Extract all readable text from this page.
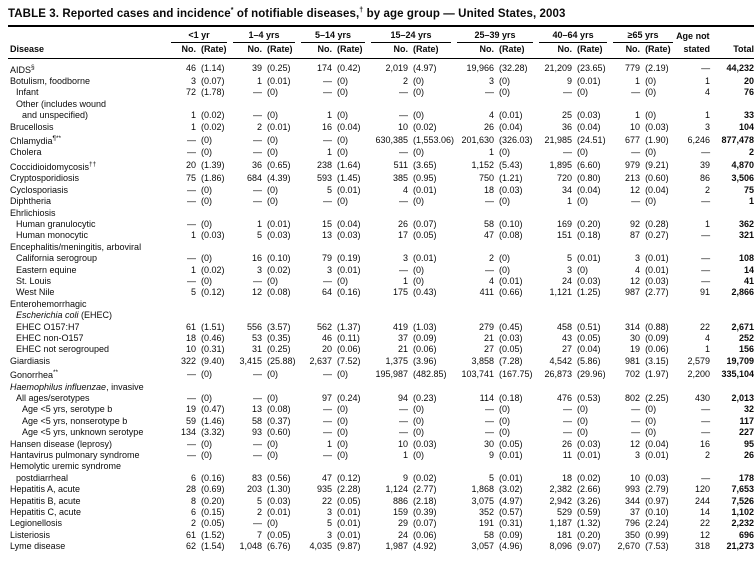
TABLE 3. Reported cases and incidence* of notifiable diseases,† by age group — United States, 2003

	<1 yr		1–4 yrs		5–14 yrs		15–24 yrs		25–39 yrs		40–64 yrs		≥65 yrs		Age not	
Disease	No.	(Rate)	No.	(Rate)	No.	(Rate)	No.	(Rate)	No.	(Rate)	No.	(Rate)	No.	(Rate)	stated	Total
AIDS§	46	(1.14)	39	(0.25)	174	(0.42)	2,019	(4.97)	19,966	(32.28)	21,209	(23.65)	779	(2.19)	—	44,232
Botulism, foodborne	3	(0.07)	1	(0.01)	—	(0)	2	(0)	3	(0)	9	(0.01)	1	(0)	1	20
Infant	72	(1.78)	—	(0)	—	(0)	—	(0)	—	(0)	—	(0)	—	(0)	4	76
Other (includes wound																
and unspecified)	1	(0.02)	—	(0)	1	(0)	—	(0)	4	(0.01)	25	(0.03)	1	(0)	1	33
Brucellosis	1	(0.02)	2	(0.01)	16	(0.04)	10	(0.02)	26	(0.04)	36	(0.04)	10	(0.03)	3	104
Chlamydia¶**	—	(0)	—	(0)	—	(0)	630,385	(1,553.06)	201,630	(326.03)	21,985	(24.51)	677	(1.90)	6,246	877,478
Cholera	—	(0)	—	(0)	1	(0)	—	(0)	1	(0)	—	(0)	—	(0)	—	2
Coccidioidomycosis††	20	(1.39)	36	(0.65)	238	(1.64)	511	(3.65)	1,152	(5.43)	1,895	(6.60)	979	(9.21)	39	4,870
Cryptosporidiosis	75	(1.86)	684	(4.39)	593	(1.45)	385	(0.95)	750	(1.21)	720	(0.80)	213	(0.60)	86	3,506
Cyclosporiasis	—	(0)	—	(0)	5	(0.01)	4	(0.01)	18	(0.03)	34	(0.04)	12	(0.04)	2	75
Diphtheria	—	(0)	—	(0)	—	(0)	—	(0)	—	(0)	1	(0)	—	(0)	—	1
Ehrlichiosis																
Human granulocytic	—	(0)	1	(0.01)	15	(0.04)	26	(0.07)	58	(0.10)	169	(0.20)	92	(0.28)	1	362
Human monocytic	1	(0.03)	5	(0.03)	13	(0.03)	17	(0.05)	47	(0.08)	151	(0.18)	87	(0.27)	—	321
Encephalitis/meningitis, arboviral																
California serogroup	—	(0)	16	(0.10)	79	(0.19)	3	(0.01)	2	(0)	5	(0.01)	3	(0.01)	—	108
Eastern equine	1	(0.02)	3	(0.02)	3	(0.01)	—	(0)	—	(0)	3	(0)	4	(0.01)	—	14
St. Louis	—	(0)	—	(0)	—	(0)	1	(0)	4	(0.01)	24	(0.03)	12	(0.03)	—	41
West Nile	5	(0.12)	12	(0.08)	64	(0.16)	175	(0.43)	411	(0.66)	1,121	(1.25)	987	(2.77)	91	2,866
Enterohemorrhagic																
Escherichia coli (EHEC)																
EHEC O157:H7	61	(1.51)	556	(3.57)	562	(1.37)	419	(1.03)	279	(0.45)	458	(0.51)	314	(0.88)	22	2,671
EHEC non-O157	18	(0.46)	53	(0.35)	46	(0.11)	37	(0.09)	21	(0.03)	43	(0.05)	30	(0.09)	4	252
EHEC not serogrouped	10	(0.31)	31	(0.25)	20	(0.06)	21	(0.06)	27	(0.05)	27	(0.04)	19	(0.06)	1	156
Giardiasis	322	(9.40)	3,415	(25.88)	2,637	(7.52)	1,375	(3.96)	3,858	(7.28)	4,542	(5.86)	981	(3.15)	2,579	19,709
Gonorrhea**	—	(0)	—	(0)	—	(0)	195,987	(482.85)	103,741	(167.75)	26,873	(29.96)	702	(1.97)	2,200	335,104
Haemophilus influenzae, invasive																
All ages/serotypes	—	(0)	—	(0)	97	(0.24)	94	(0.23)	114	(0.18)	476	(0.53)	802	(2.25)	430	2,013
Age <5 yrs, serotype b	19	(0.47)	13	(0.08)	—	(0)	—	(0)	—	(0)	—	(0)	—	(0)	—	32
Age <5 yrs, nonserotype b	59	(1.46)	58	(0.37)	—	(0)	—	(0)	—	(0)	—	(0)	—	(0)	—	117
Age <5 yrs, unknown serotype	134	(3.32)	93	(0.60)	—	(0)	—	(0)	—	(0)	—	(0)	—	(0)	—	227
Hansen disease (leprosy)	—	(0)	—	(0)	1	(0)	10	(0.03)	30	(0.05)	26	(0.03)	12	(0.04)	16	95
Hantavirus pulmonary syndrome	—	(0)	—	(0)	—	(0)	1	(0)	9	(0.01)	11	(0.01)	3	(0.01)	2	26
Hemolytic uremic syndrome																
postdiarrheal	6	(0.16)	83	(0.56)	47	(0.12)	9	(0.02)	5	(0.01)	18	(0.02)	10	(0.03)	—	178
Hepatitis A, acute	28	(0.69)	203	(1.30)	935	(2.28)	1,124	(2.77)	1,868	(3.02)	2,382	(2.66)	993	(2.79)	120	7,653
Hepatitis B, acute	8	(0.20)	5	(0.03)	22	(0.05)	886	(2.18)	3,075	(4.97)	2,942	(3.26)	344	(0.97)	244	7,526
Hepatitis C, acute	6	(0.15)	2	(0.01)	3	(0.01)	159	(0.39)	352	(0.57)	529	(0.59)	37	(0.10)	14	1,102
Legionellosis	2	(0.05)	—	(0)	5	(0.01)	29	(0.07)	191	(0.31)	1,187	(1.32)	796	(2.24)	22	2,232
Listeriosis	61	(1.52)	7	(0.05)	3	(0.01)	24	(0.06)	58	(0.09)	181	(0.20)	350	(0.99)	12	696
Lyme disease	62	(1.54)	1,048	(6.76)	4,035	(9.87)	1,987	(4.92)	3,057	(4.96)	8,096	(9.07)	2,670	(7.53)	318	21,273
